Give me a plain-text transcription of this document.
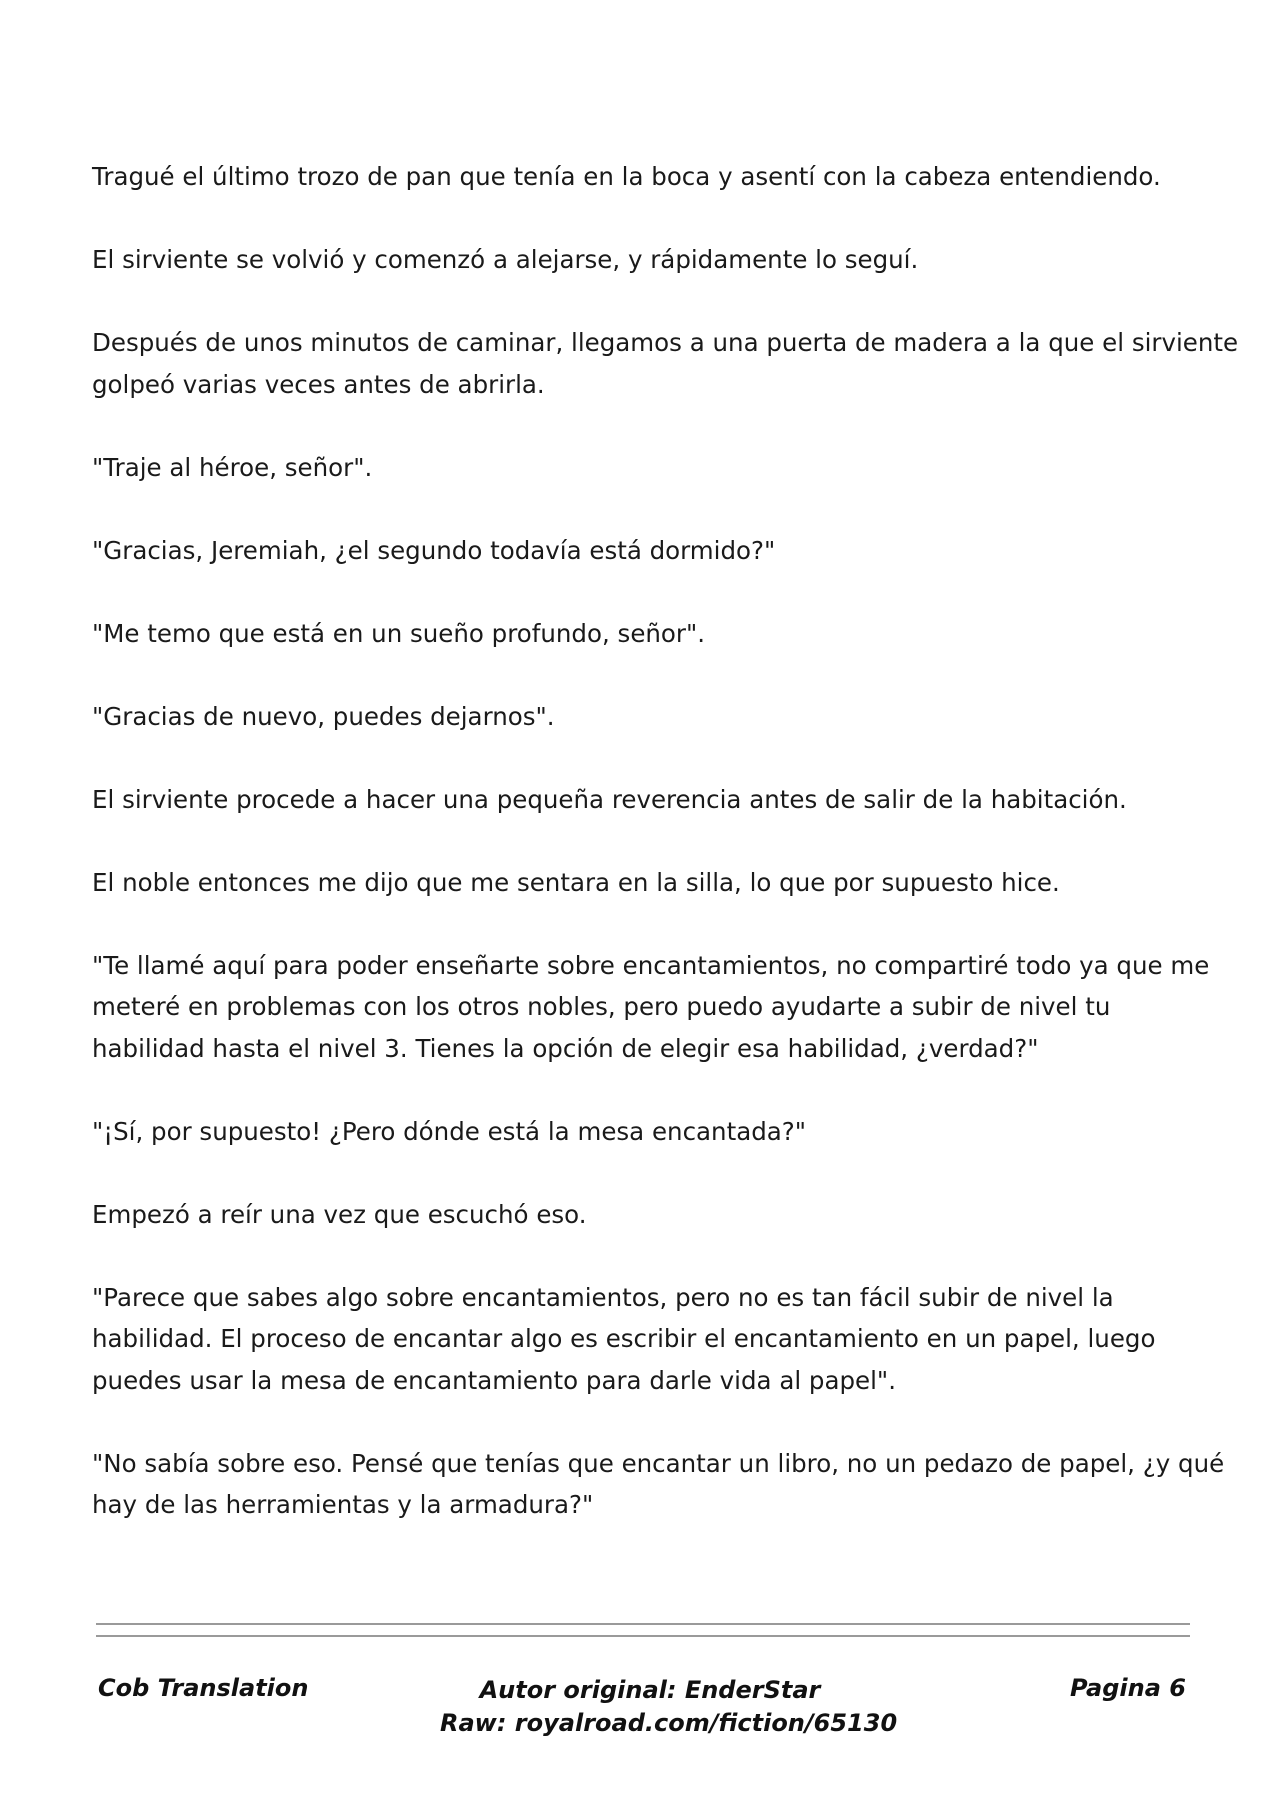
Tragué el último trozo de pan que tenía en la boca y asentí con la cabeza entendiendo.

El sirviente se volvió y comenzó a alejarse, y rápidamente lo seguí.

Después de unos minutos de caminar, llegamos a una puerta de madera a la que el sirviente
golpeó varias veces antes de abrirla.

"Traje al héroe, señor".

"Gracias, Jeremiah, ¿el segundo todavía está dormido?"

"Me temo que está en un sueño profundo, señor".

"Gracias de nuevo, puedes dejarnos".

El sirviente procede a hacer una pequeña reverencia antes de salir de la habitación.

El noble entonces me dijo que me sentara en la silla, lo que por supuesto hice.

"Te llamé aquí para poder enseñarte sobre encantamientos, no compartiré todo ya que me
meteré en problemas con los otros nobles, pero puedo ayudarte a subir de nivel tu
habilidad hasta el nivel 3. Tienes la opción de elegir esa habilidad, ¿verdad?"

"¡Sí, por supuesto! ¿Pero dónde está la mesa encantada?"

Empezó a reír una vez que escuchó eso.

"Parece que sabes algo sobre encantamientos, pero no es tan fácil subir de nivel la
habilidad. El proceso de encantar algo es escribir el encantamiento en un papel, luego
puedes usar la mesa de encantamiento para darle vida al papel".

"No sabía sobre eso. Pensé que tenías que encantar un libro, no un pedazo de papel, ¿y qué
hay de las herramientas y la armadura?"

Cob Translation	Autor original: EnderStar
Raw: royalroad.com/fiction/65130
Pagina 6
